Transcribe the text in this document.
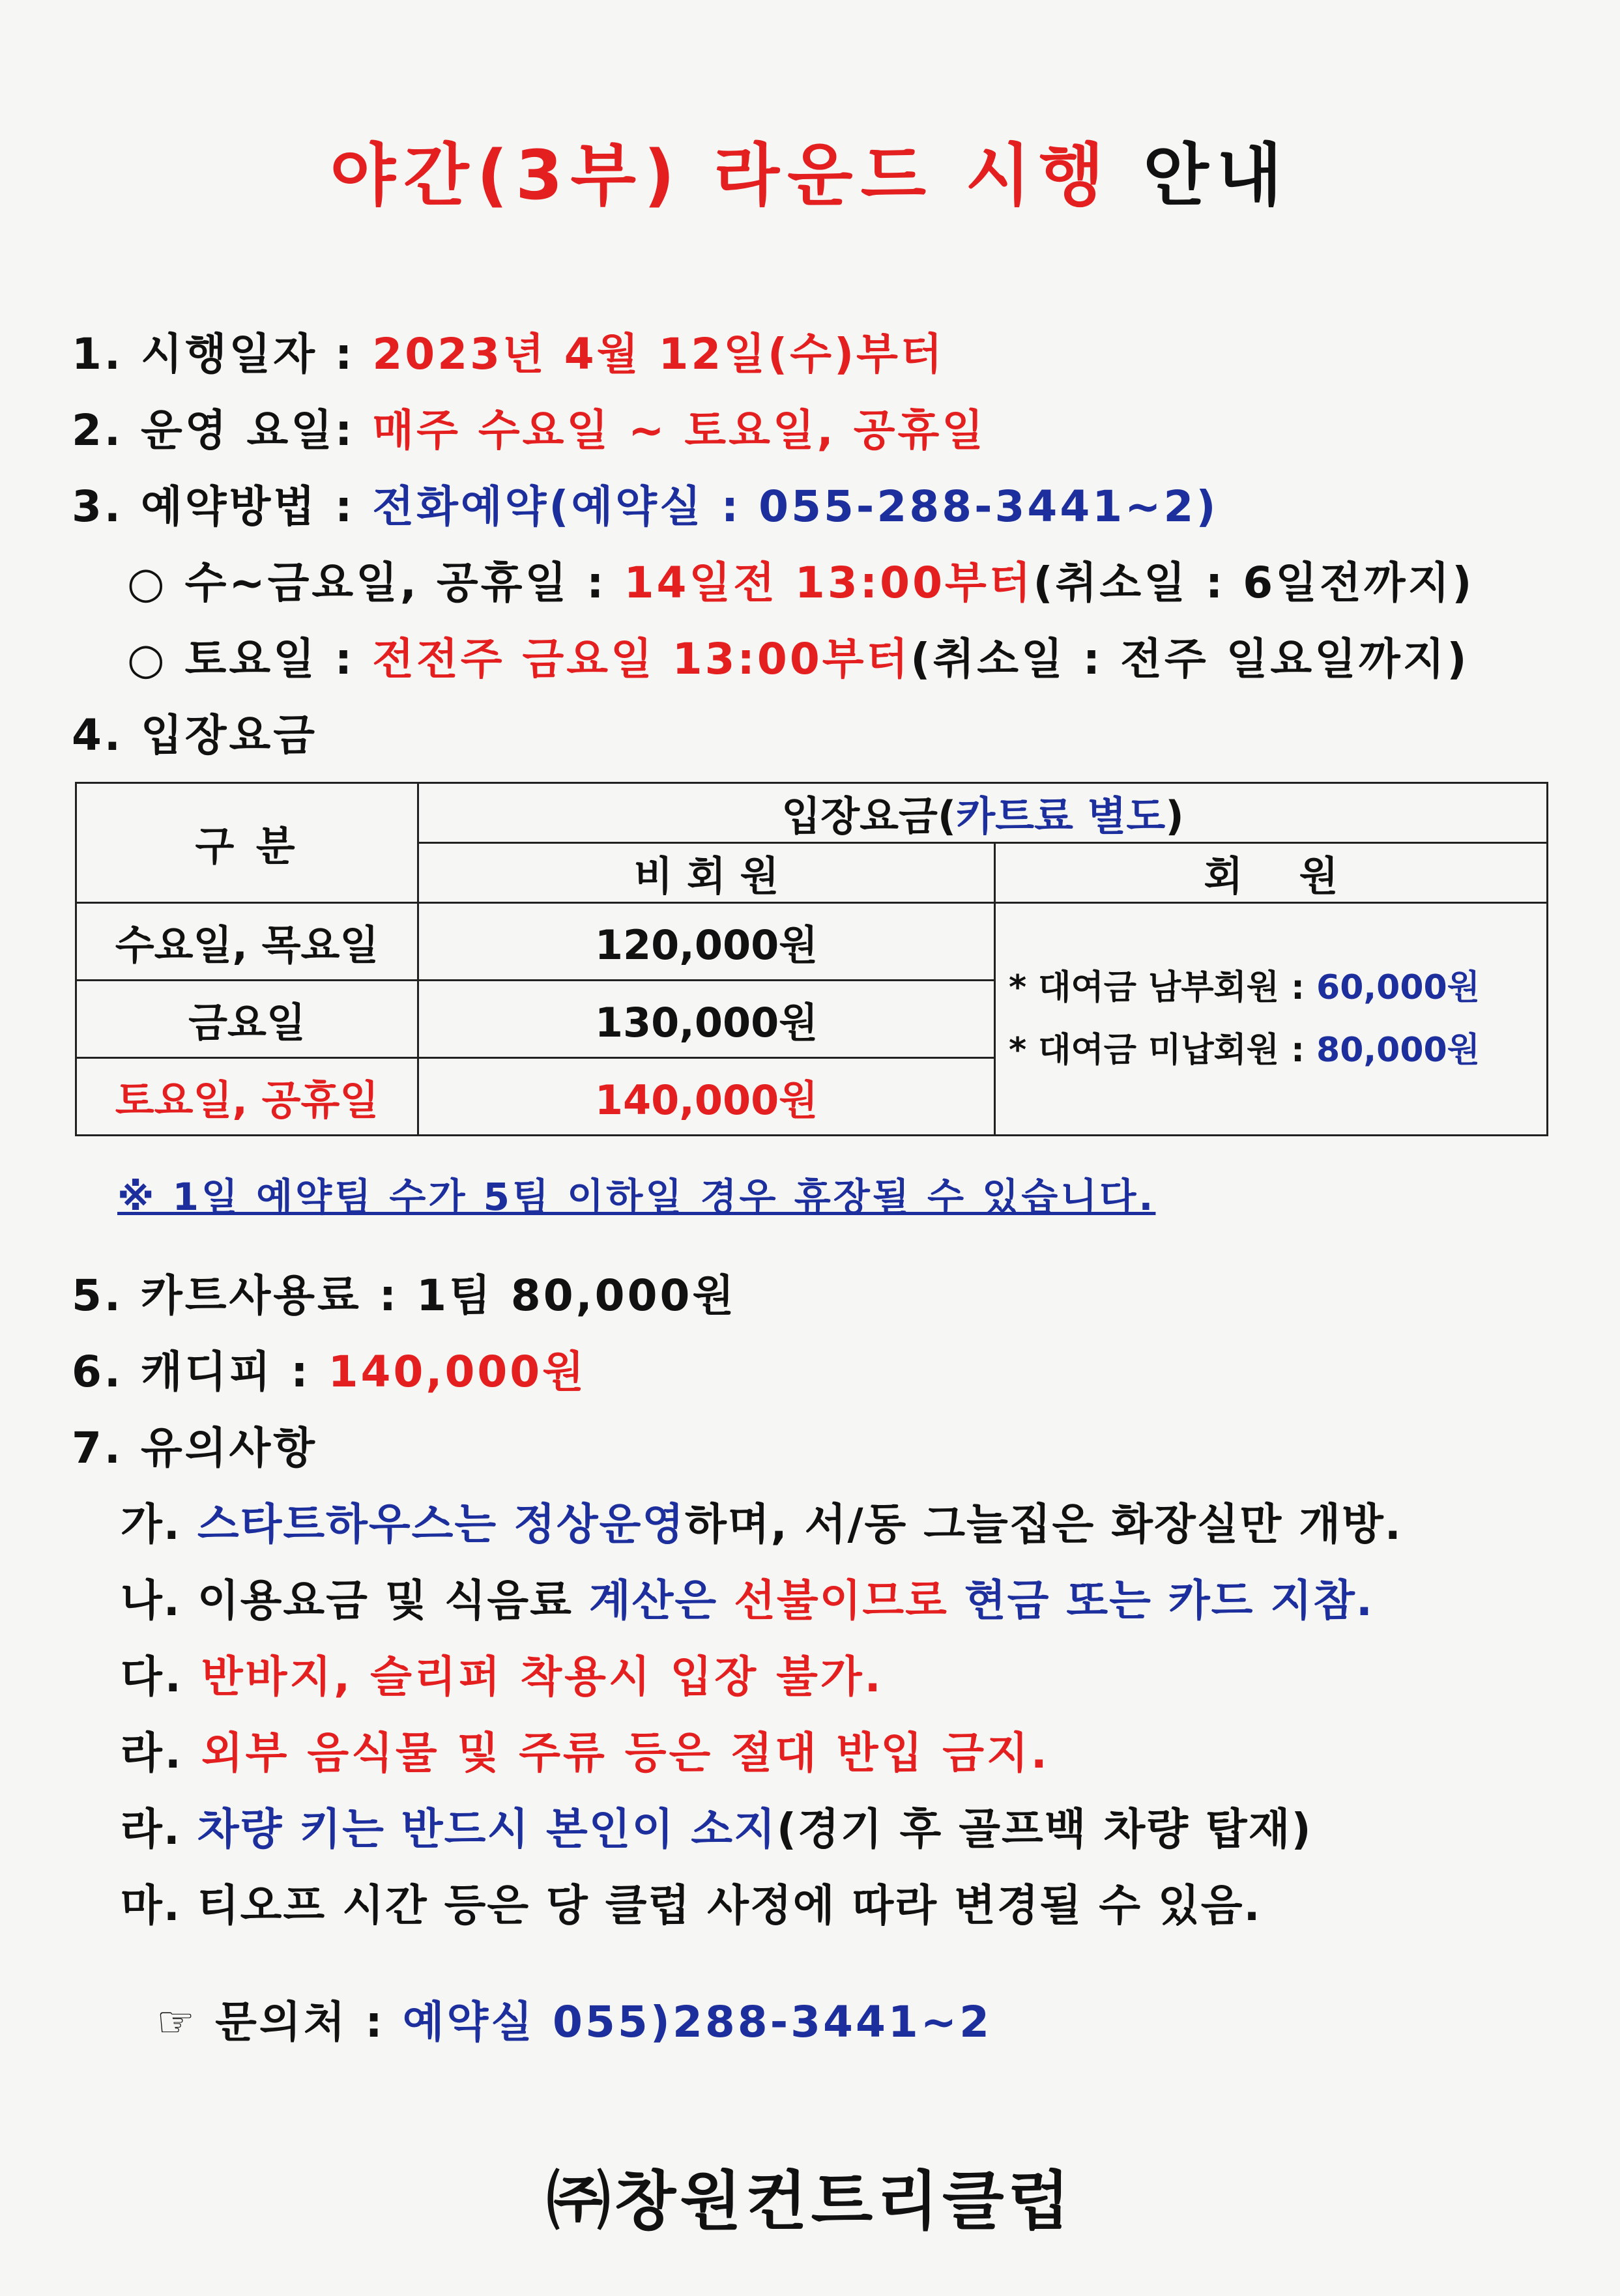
야간(3부) 라운드 시행 안내
1. 시행일자 : 2023년 4월 12일(수)부터
2. 운영 요일: 매주 수요일 ~ 토요일, 공휴일
3. 예약방법 : 전화예약(예약실 : 055-288-3441~2)
○ 수~금요일, 공휴일 : 14일전 13:00부터(취소일 : 6일전까지)
○ 토요일 : 전전주 금요일 13:00부터(취소일 : 전주 일요일까지)
4. 입장요금
구 분	입장요금(카트료 별도)	
	비 회 원	회    원
수요일, 목요일	120,000원	* 대여금 남부회원 : 60,000원
* 대여금 미납회원 : 80,000원

금요일	130,000원	
토요일, 공휴일	140,000원	
※ 1일 예약팀 수가 5팀 이하일 경우 휴장될 수 있습니다.
5. 카트사용료 : 1팀 80,000원
6. 캐디피 : 140,000원
7. 유의사항
가. 스타트하우스는 정상운영하며, 서/동 그늘집은 화장실만 개방.
나. 이용요금 및 식음료 계산은 선불이므로 현금 또는 카드 지참.
다. 반바지, 슬리퍼 착용시 입장 불가.
라. 외부 음식물 및 주류 등은 절대 반입 금지.
라. 차량 키는 반드시 본인이 소지(경기 후 골프백 차량 탑재)
마. 티오프 시간 등은 당 클럽 사정에 따라 변경될 수 있음.
☞ 문의처 : 예약실 055)288-3441~2
㈜창원컨트리클럽
